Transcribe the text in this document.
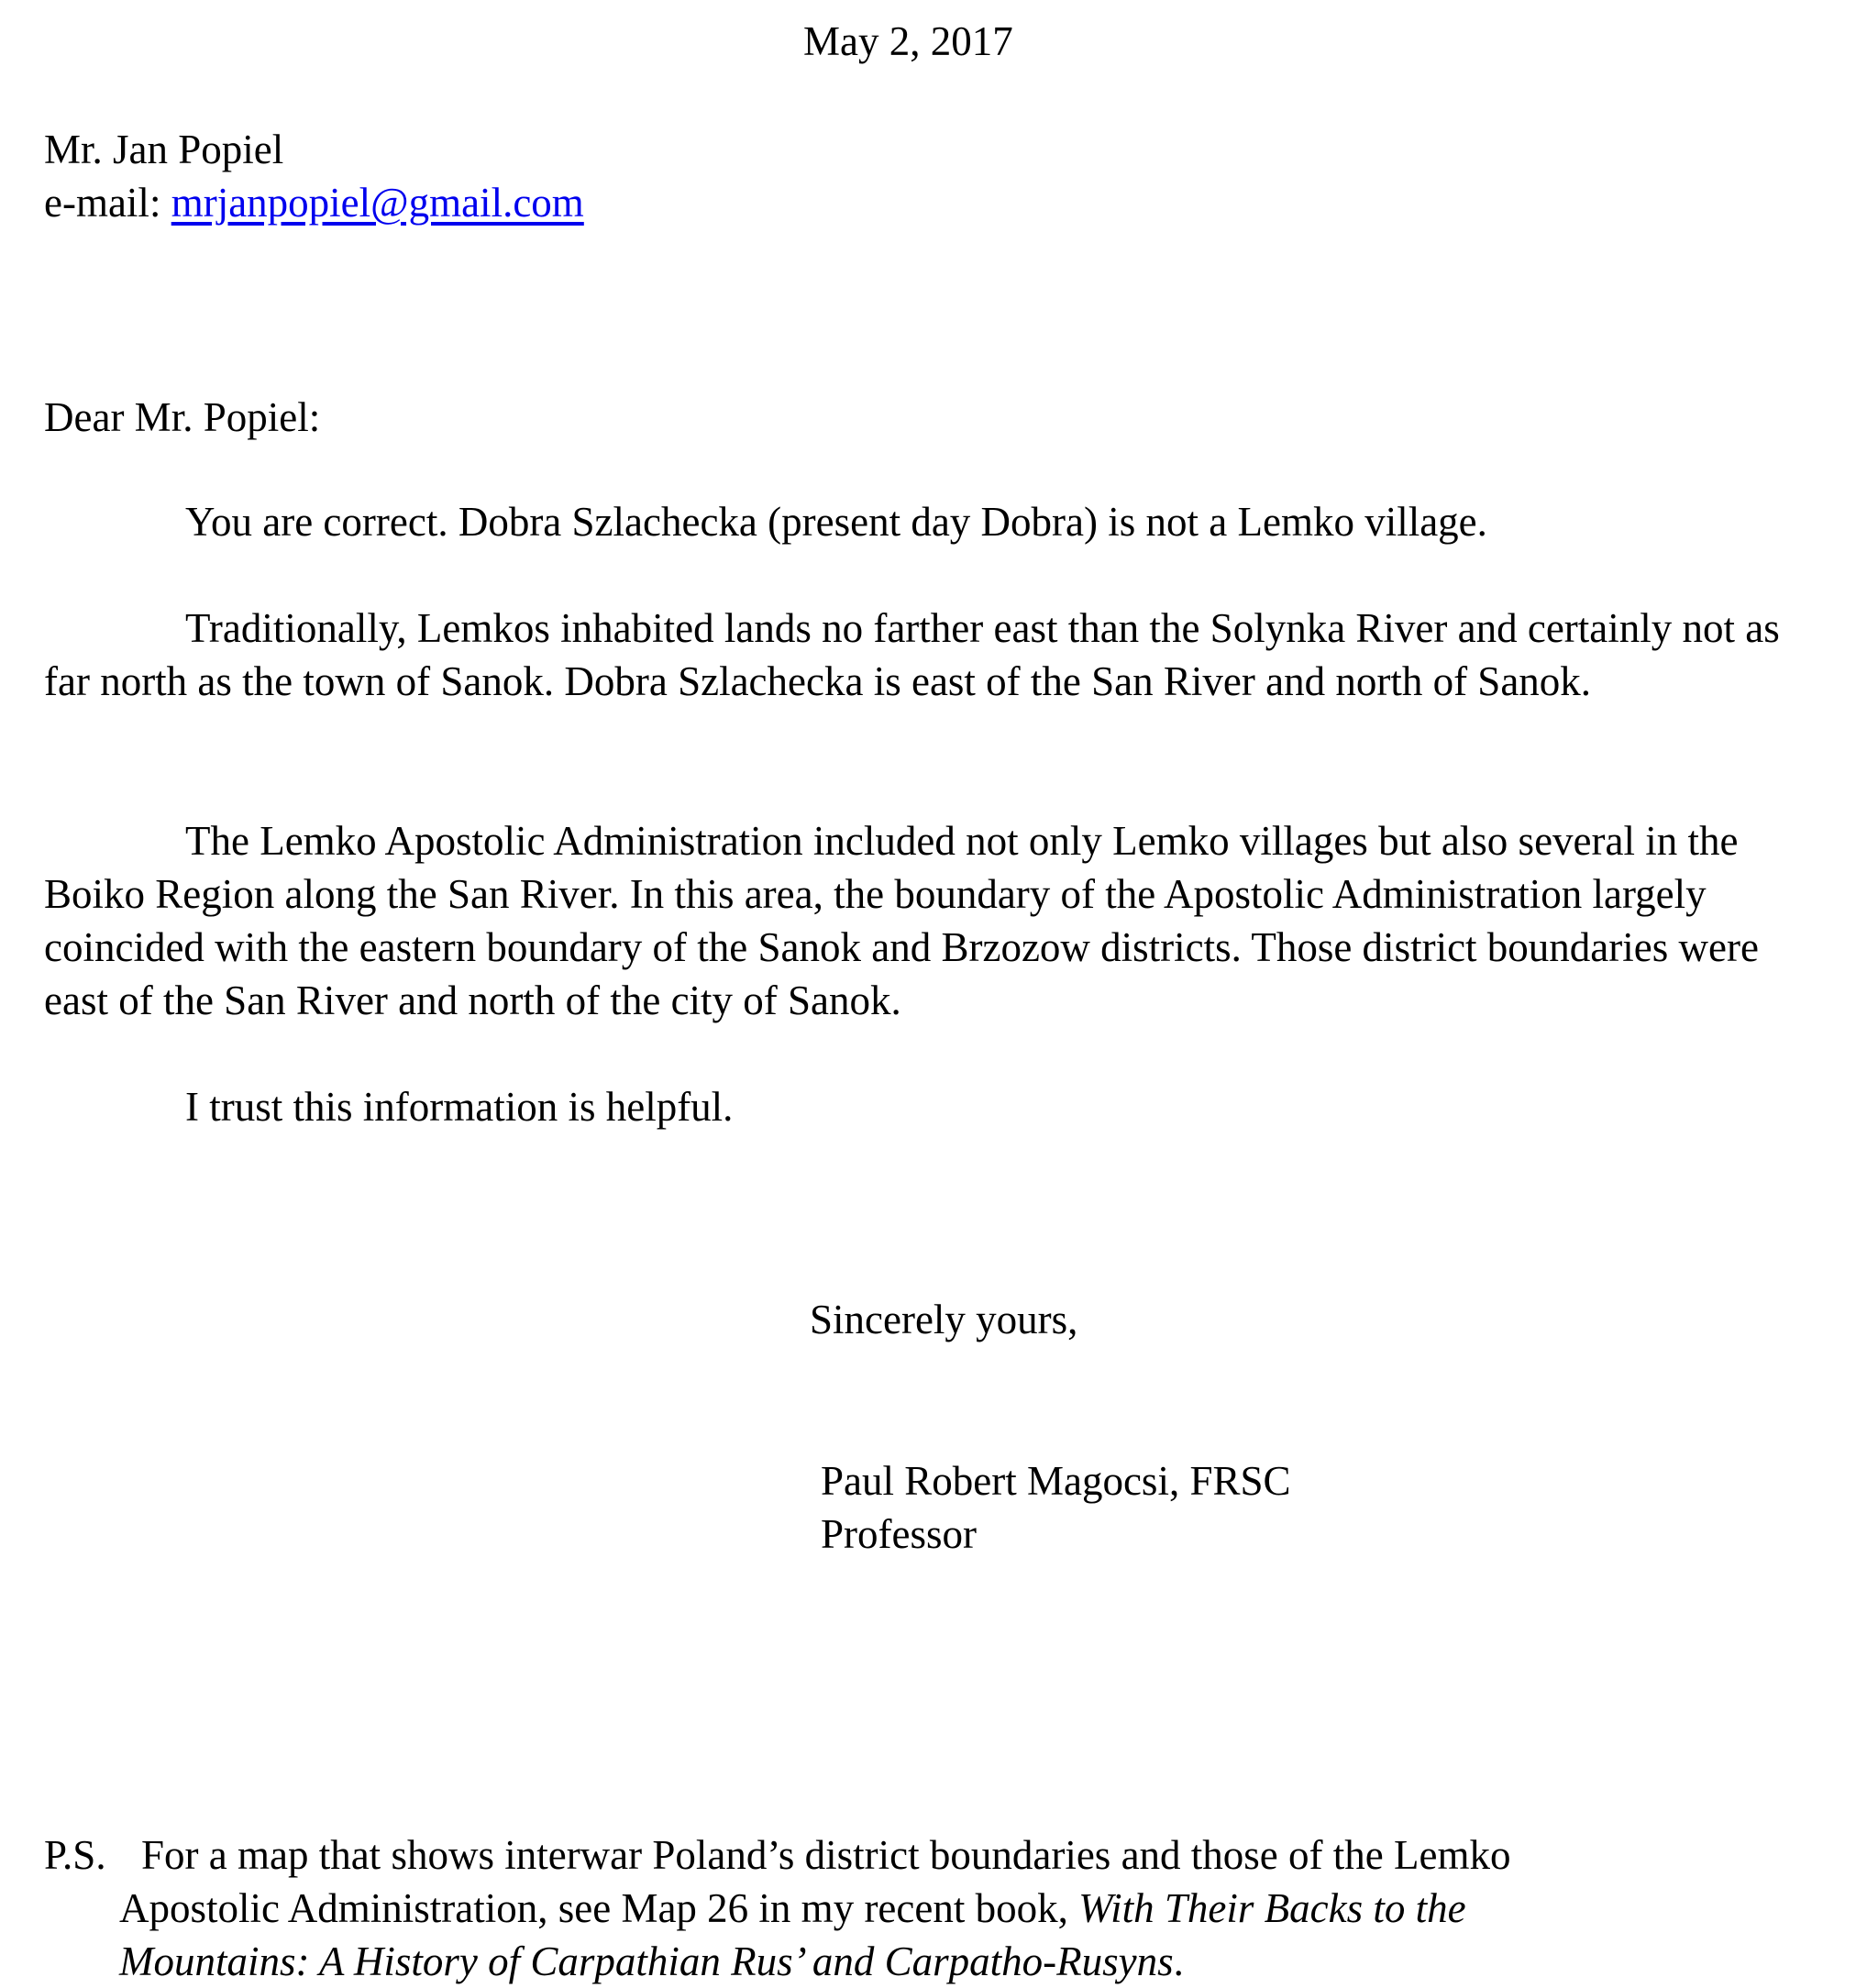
May 2, 2017
Mr. Jan Popiel
e-mail: mrjanpopiel@gmail.com
Dear Mr. Popiel:

You are correct. Dobra Szlachecka (present day Dobra) is not a Lemko village.

Traditionally, Lemkos inhabited lands no farther east than the Solynka River and certainly not as far north as the town of Sanok. Dobra Szlachecka is east of the San River and north of Sanok.

The Lemko Apostolic Administration included not only Lemko villages but also several in the Boiko Region along the San River. In this area, the boundary of the Apostolic Administration largely coincided with the eastern boundary of the Sanok and Brzozow districts. Those district boundaries were east of the San River and north of the city of Sanok.

I trust this information is helpful.

Sincerely yours,
Paul Robert Magocsi, FRSC
Professor
P.S. For a map that shows interwar Poland’s district boundaries and those of the Lemko
Apostolic Administration, see Map 26 in my recent book, With Their Backs to the
Mountains: A History of Carpathian Rus’ and Carpatho-Rusyns.
